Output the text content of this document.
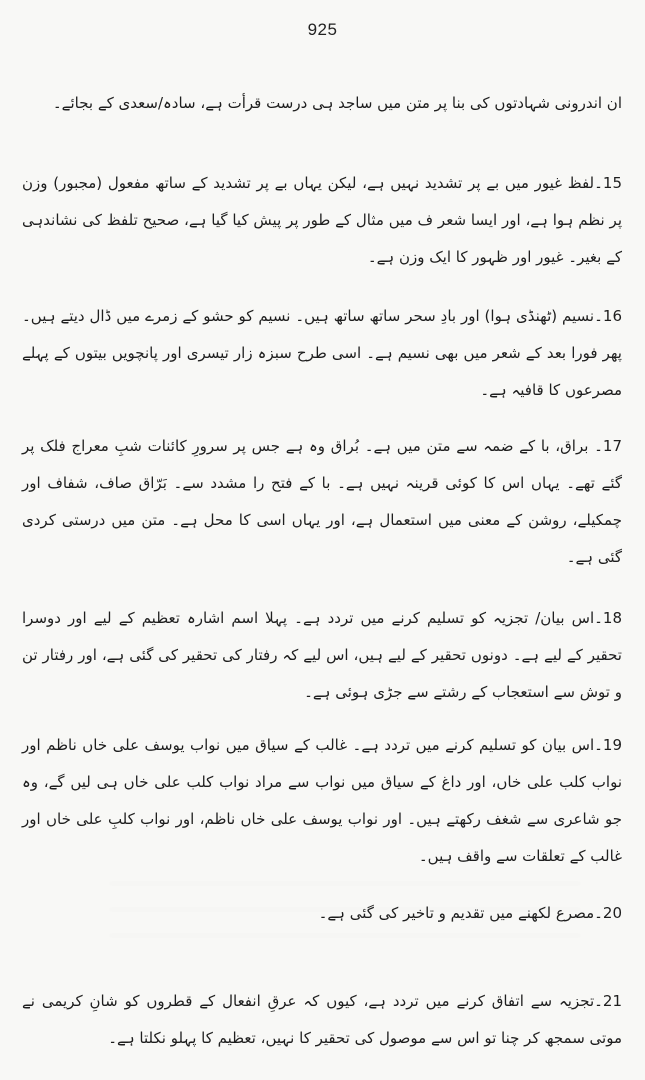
925

ان اندرونی شہادتوں کی بنا پر متن میں ساجد ہی درست قرأت ہے، سادہ/سعدی کے بجائے۔

15۔لفظ غیور میں بے پر تشدید نہیں ہے، لیکن یہاں بے پر تشدید کے ساتھ مفعول (مجبور) وزن پر نظم ہوا ہے، اور ایسا شعر ف میں مثال کے طور پر پیش کیا گیا ہے، صحیح تلفظ کی نشاندہی کے بغیر۔ غیور اور ظہور کا ایک وزن ہے۔

16۔نسیم (ٹھنڈی ہوا) اور بادِ سحر ساتھ ساتھ ہیں۔ نسیم کو حشو کے زمرے میں ڈال دیتے ہیں۔ پھر فورا بعد کے شعر میں بھی نسیم ہے۔ اسی طرح سبزہ زار تیسری اور پانچویں بیتوں کے پہلے مصرعوں کا قافیہ ہے۔

17۔ براق، با کے ضمہ سے متن میں ہے۔ بُراق وہ ہے جس پر سرورِ کائنات شبِ معراج فلک پر گئے تھے۔ یہاں اس کا کوئی قرینہ نہیں ہے۔ با کے فتح را مشدد سے۔ بَرّاق صاف، شفاف اور چمکیلے، روشن کے معنی میں استعمال ہے، اور یہاں اسی کا محل ہے۔ متن میں درستی کردی گئی ہے۔

18۔اس بیان/ تجزیہ کو تسلیم کرنے میں تردد ہے۔ پہلا اسم اشارہ تعظیم کے لیے اور دوسرا تحقیر کے لیے ہے۔ دونوں تحقیر کے لیے ہیں، اس لیے کہ رفتار کی تحقیر کی گئی ہے، اور رفتار تن و توش سے استعجاب کے رشتے سے جڑی ہوئی ہے۔

19۔اس بیان کو تسلیم کرنے میں تردد ہے۔ غالب کے سیاق میں نواب یوسف علی خاں ناظم اور نواب کلب علی خاں، اور داغ کے سیاق میں نواب سے مراد نواب کلب علی خاں ہی لیں گے، وہ جو شاعری سے شغف رکھتے ہیں۔ اور نواب یوسف علی خاں ناظم، اور نواب کلبِ علی خاں اور غالب کے تعلقات سے واقف ہیں۔

20۔مصرع لکھنے میں تقدیم و تاخیر کی گئی ہے۔

21۔تجزیہ سے اتفاق کرنے میں تردد ہے، کیوں کہ عرقِ انفعال کے قطروں کو شانِ کریمی نے موتی سمجھ کر چنا تو اس سے موصول کی تحقیر کا نہیں، تعظیم کا پہلو نکلتا ہے۔
